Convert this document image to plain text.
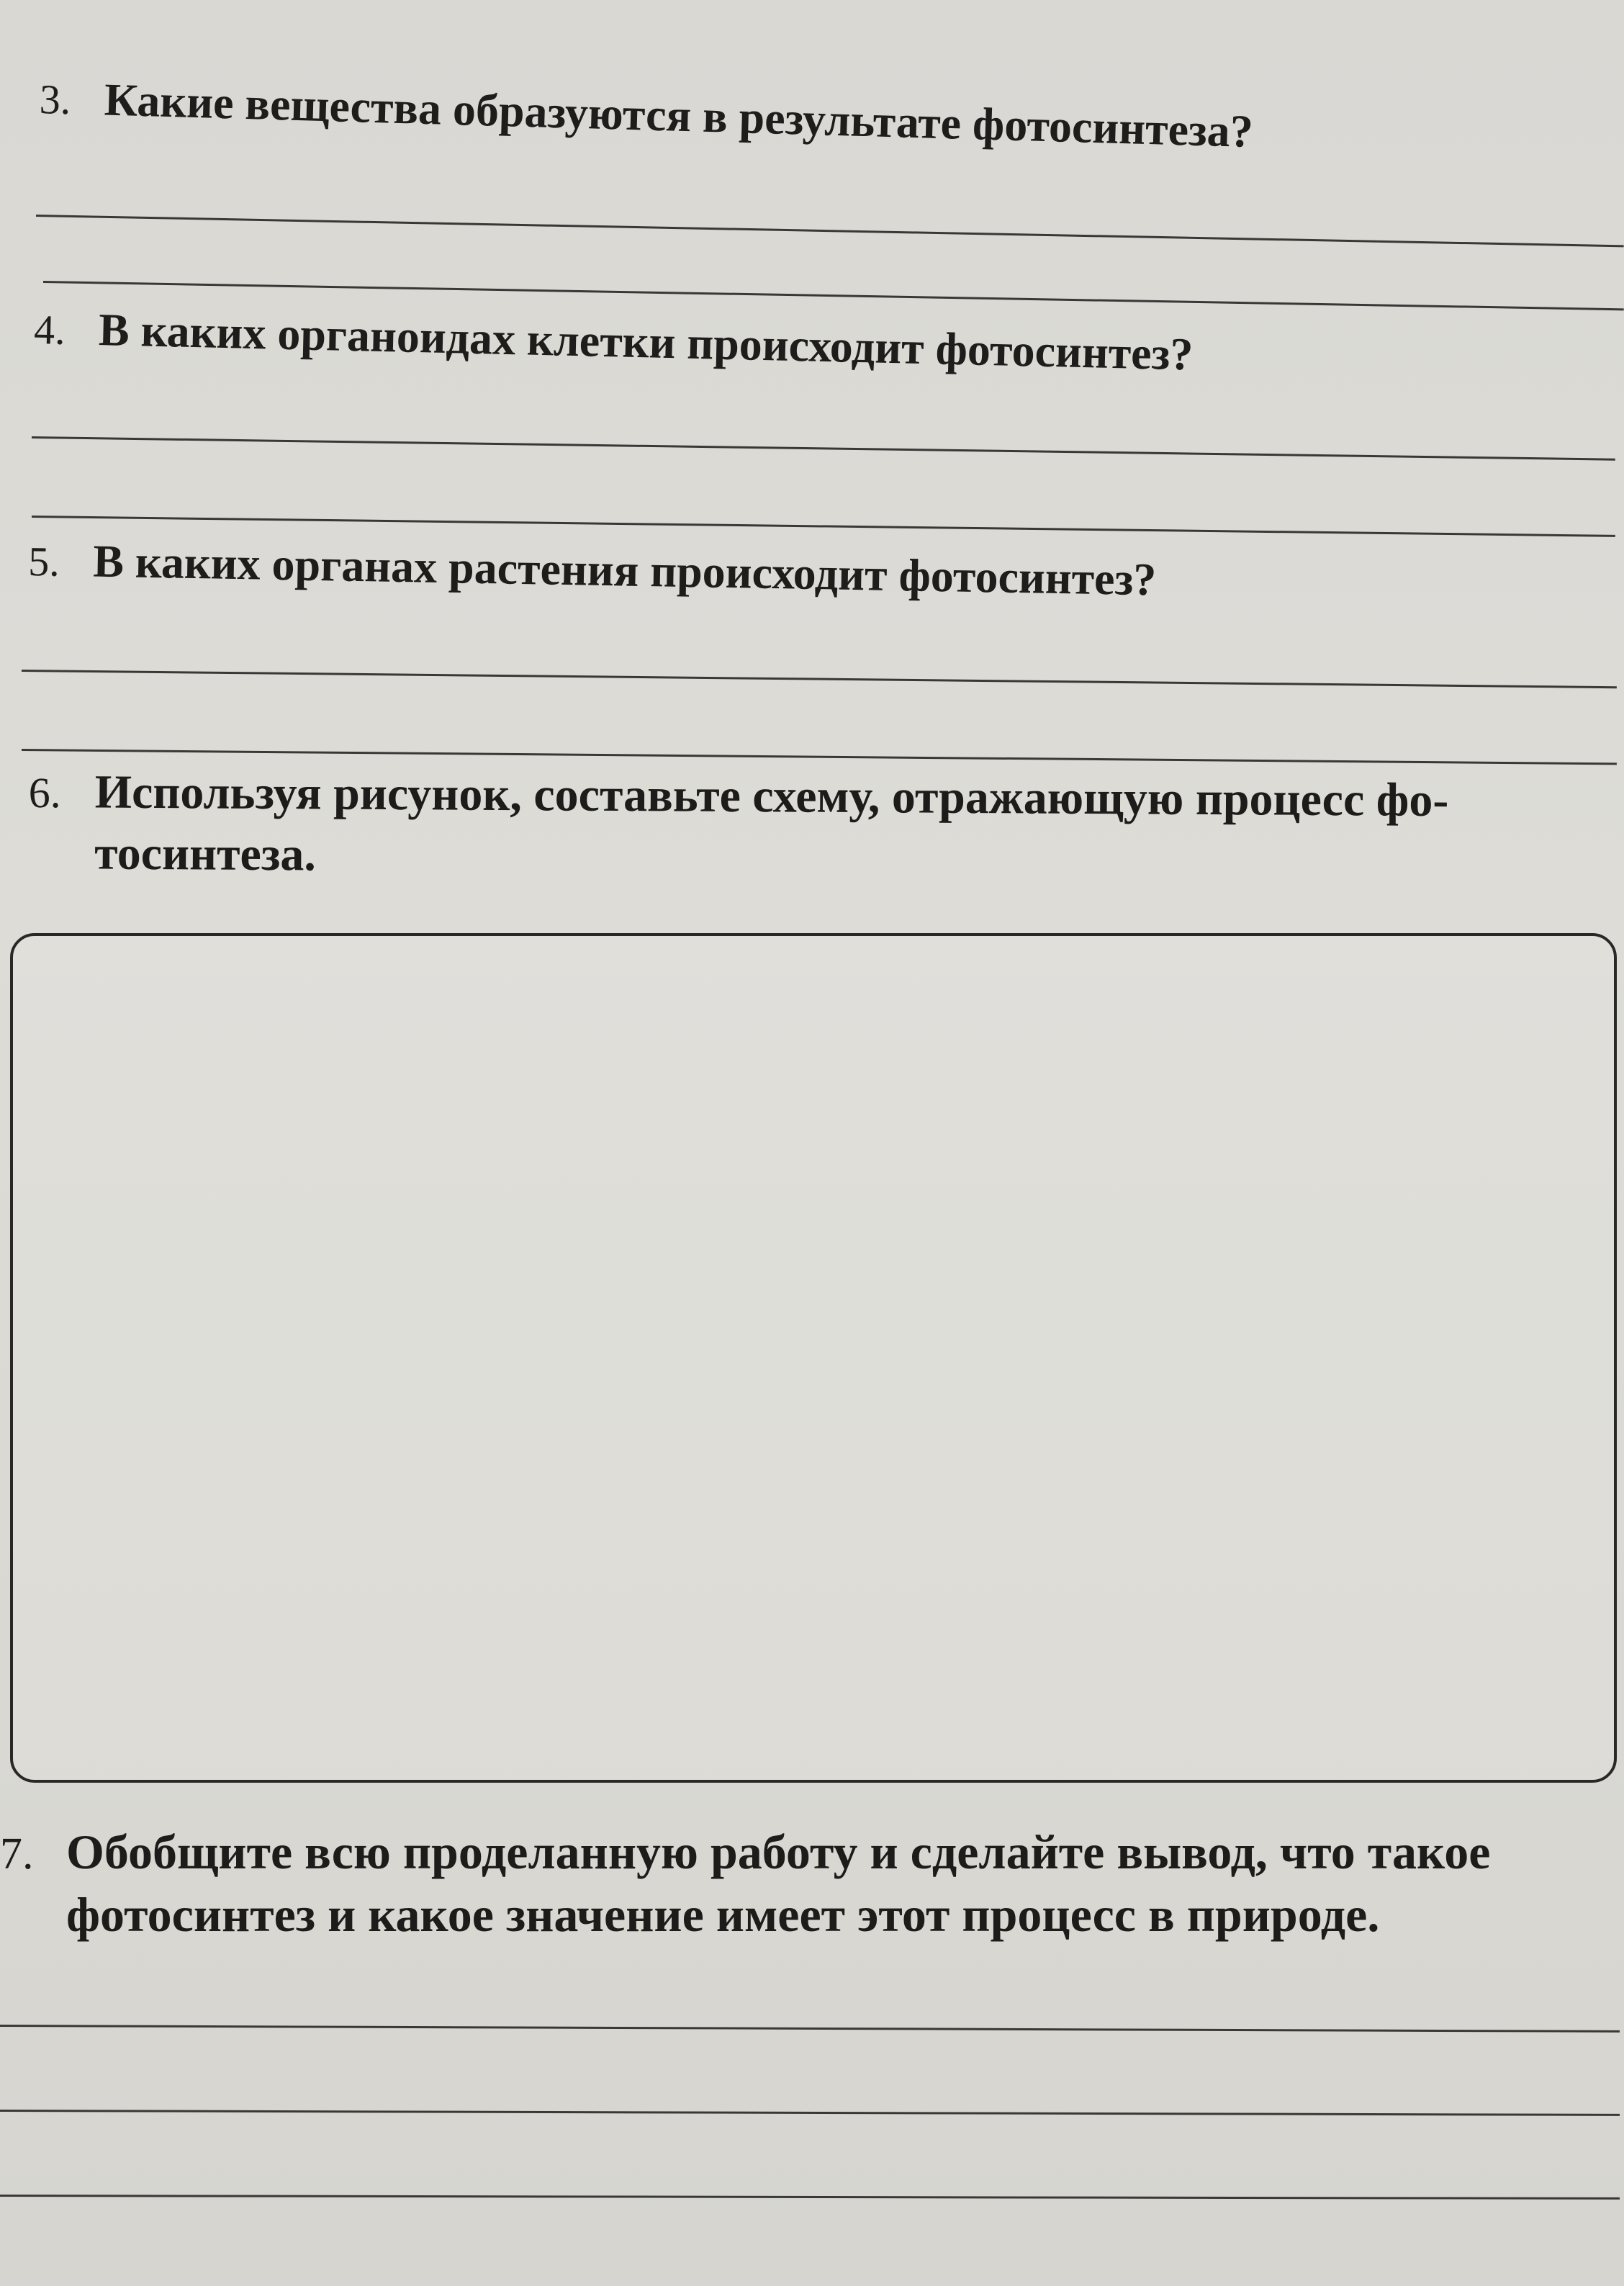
3. Какие вещества образуются в результате фотосинтеза?
4. В каких органоидах клетки происходит фотосинтез?
5. В каких органах растения происходит фотосинтез?
6. Используя рисунок, составьте схему, отражающую процесс фо-
тосинтеза.
7. Обобщите всю проделанную работу и сделайте вывод, что такое
фотосинтез и какое значение имеет этот процесс в природе.
